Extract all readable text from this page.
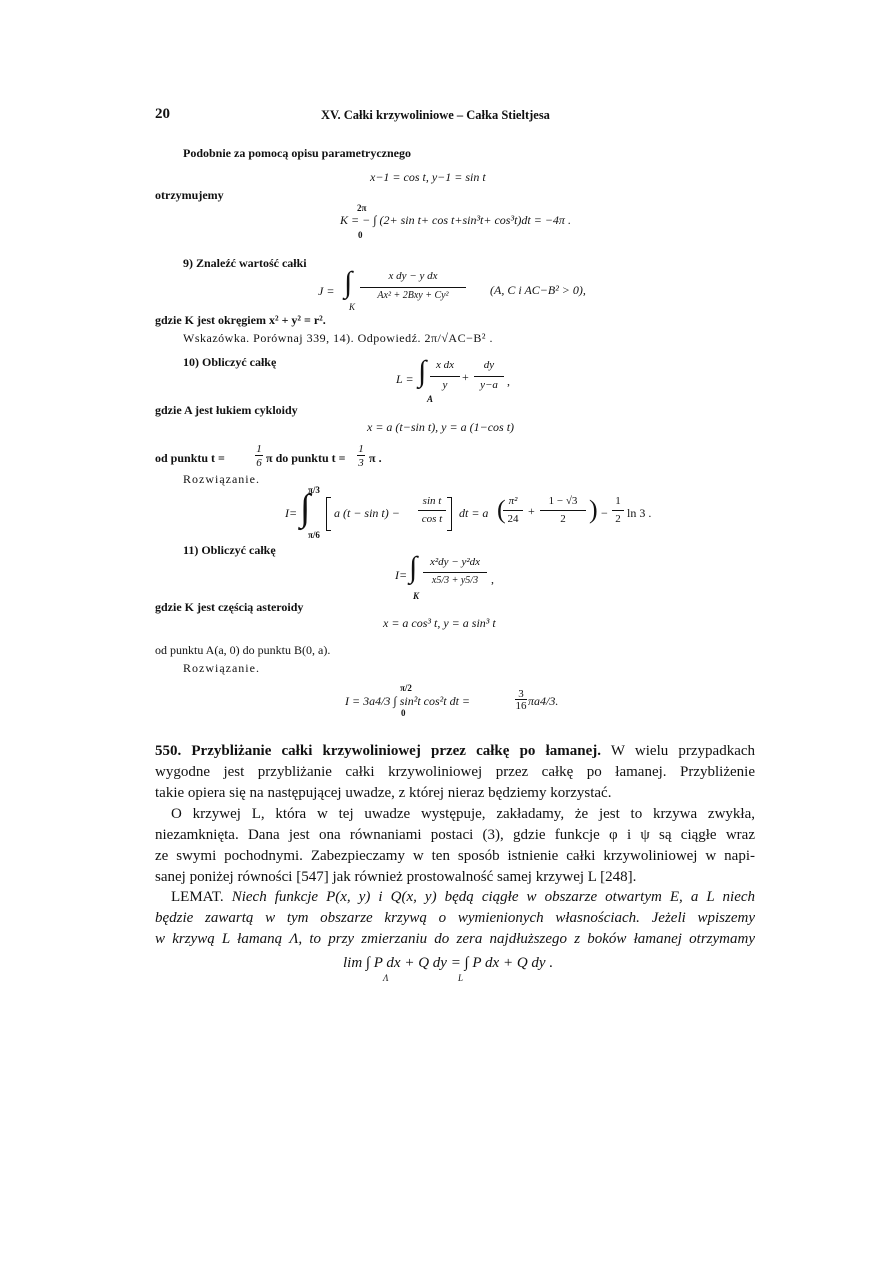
20	XV. Całki krzywoliniowe – Całka Stieltjesa
Podobnie za pomocą opisu parametrycznego
x−1 = cos t, y−1 = sin t
otrzymujemy
2π
K = − ∫ (2+ sin t+ cos t+sin³t+ cos³t)dt = −4π .
0
9) Znaleźć wartość całki
J = ∫	x dy − y dx
Ax² + 2Bxy + Cy²	(A, C i AC−B² > 0),
K
gdzie K jest okręgiem x² + y² = r².
Wskazówka. Porównaj 339, 14). Odpowiedź. 2π/√AC−B² .
10) Obliczyć całkę
L = ∫ x dx
y
+
dy
y−a ,
A
gdzie A jest łukiem cykloidy
x = a (t−sin t), y = a (1−cos t)
od punktu t =
1
6 π do punktu t =
1
3 π .
Rozwiązanie.
π/3
I= ∫ a (t − sin t) −
sin t
cos t	dt = a ( π²
24
+
1 − √3
2 ) −
1
2 ln 3 .
π/6
11) Obliczyć całkę
I= ∫	x²dy − y²dx
x5/3 + y5/3	,
K
gdzie K jest częścią asteroidy
x = a cos³ t, y = a sin³ t
od punktu A(a, 0) do punktu B(0, a).
Rozwiązanie.
π/2
I = 3a4/3 ∫ sin²t cos²t dt =	3
16 πa4/3.
0
550. Przybliżanie całki krzywoliniowej przez całkę po łamanej. W wielu przypadkach
wygodne jest przybliżanie całki krzywoliniowej przez całkę po łamanej. Przybliżenie
takie opiera się na następującej uwadze, z której nieraz będziemy korzystać.
O krzywej L, która w tej uwadze występuje, zakładamy, że jest to krzywa zwykła,
niezamknięta. Dana jest ona równaniami postaci (3), gdzie funkcje φ i ψ są ciągłe wraz
ze swymi pochodnymi. Zabezpieczamy w ten sposób istnienie całki krzywoliniowej w napi-
sanej poniżej równości [547] jak również prostowalność samej krzywej L [248].
LEMAT. Niech funkcje P(x, y) i Q(x, y) będą ciągłe w obszarze otwartym E, a L niech
będzie zawartą w tym obszarze krzywą o wymienionych własnościach. Jeżeli wpiszemy
w krzywą L łamaną Λ, to przy zmierzaniu do zera najdłuższego z boków łamanej otrzymamy
lim ∫ P dx + Q dy = ∫ P dx + Q dy .
Λ	L
